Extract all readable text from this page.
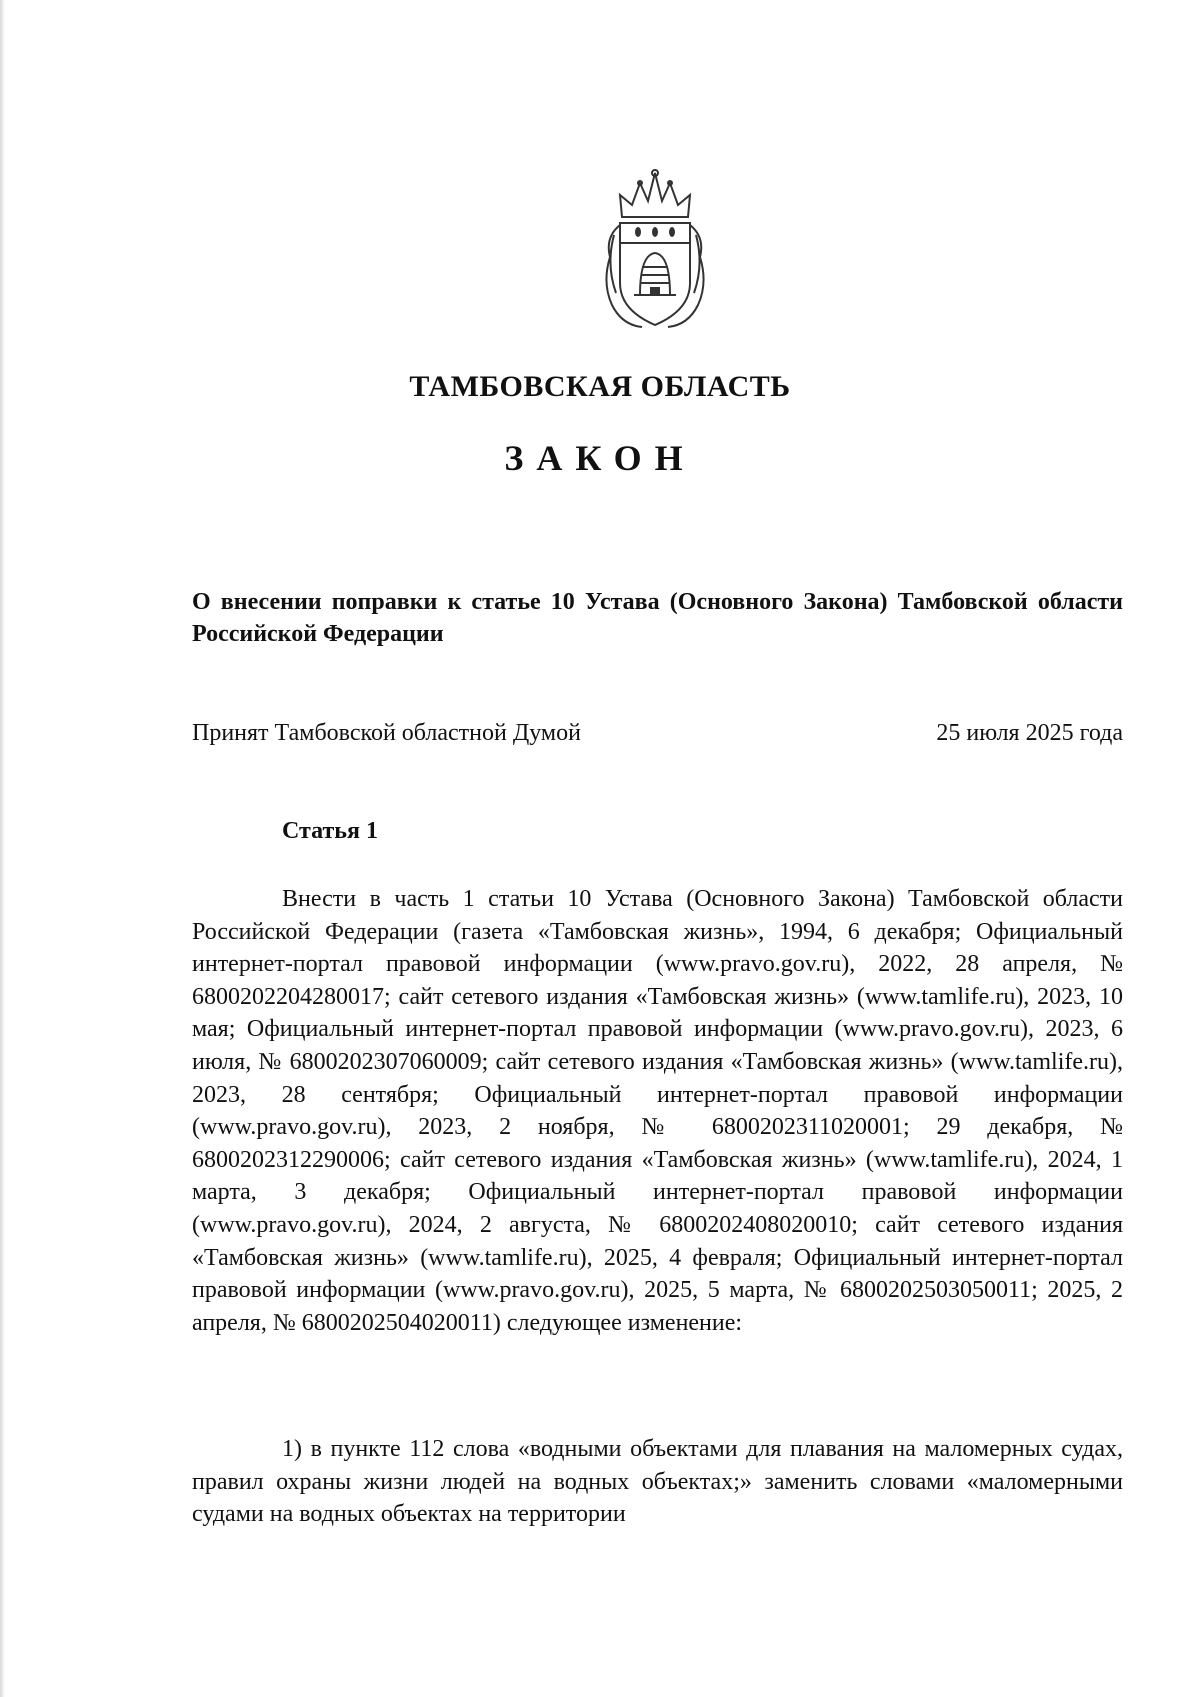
ТАМБОВСКАЯ ОБЛАСТЬ
ЗАКОН
О внесении поправки к статье 10 Устава (Основного Закона) Тамбовской области Российской Федерации
Принят Тамбовской областной Думой	25 июля 2025 года
Статья 1

Внести в часть 1 статьи 10 Устава (Основного Закона) Тамбовской области Российской Федерации (газета «Тамбовская жизнь», 1994, 6 декабря; Официальный интернет-портал правовой информации (www.pravo.gov.ru), 2022, 28 апреля, № 6800202204280017; сайт сетевого издания «Тамбовская жизнь» (www.tamlife.ru), 2023, 10 мая; Официальный интернет-портал правовой информации (www.pravo.gov.ru), 2023, 6 июля, № 6800202307060009; сайт сетевого издания «Тамбовская жизнь» (www.tamlife.ru), 2023, 28 сентября; Официальный интернет-портал правовой информации (www.pravo.gov.ru), 2023, 2 ноября, № 6800202311020001; 29 декабря, № 6800202312290006; сайт сетевого издания «Тамбовская жизнь» (www.tamlife.ru), 2024, 1 марта, 3 декабря; Официальный интернет-портал правовой информации (www.pravo.gov.ru), 2024, 2 августа, № 6800202408020010; сайт сетевого издания «Тамбовская жизнь» (www.tamlife.ru), 2025, 4 февраля; Официальный интернет-портал правовой информации (www.pravo.gov.ru), 2025, 5 марта, № 6800202503050011; 2025, 2 апреля, № 6800202504020011) следующее изменение:

1) в пункте 112 слова «водными объектами для плавания на маломерных судах, правил охраны жизни людей на водных объектах;» заменить словами «маломерными судами на водных объектах на территории
